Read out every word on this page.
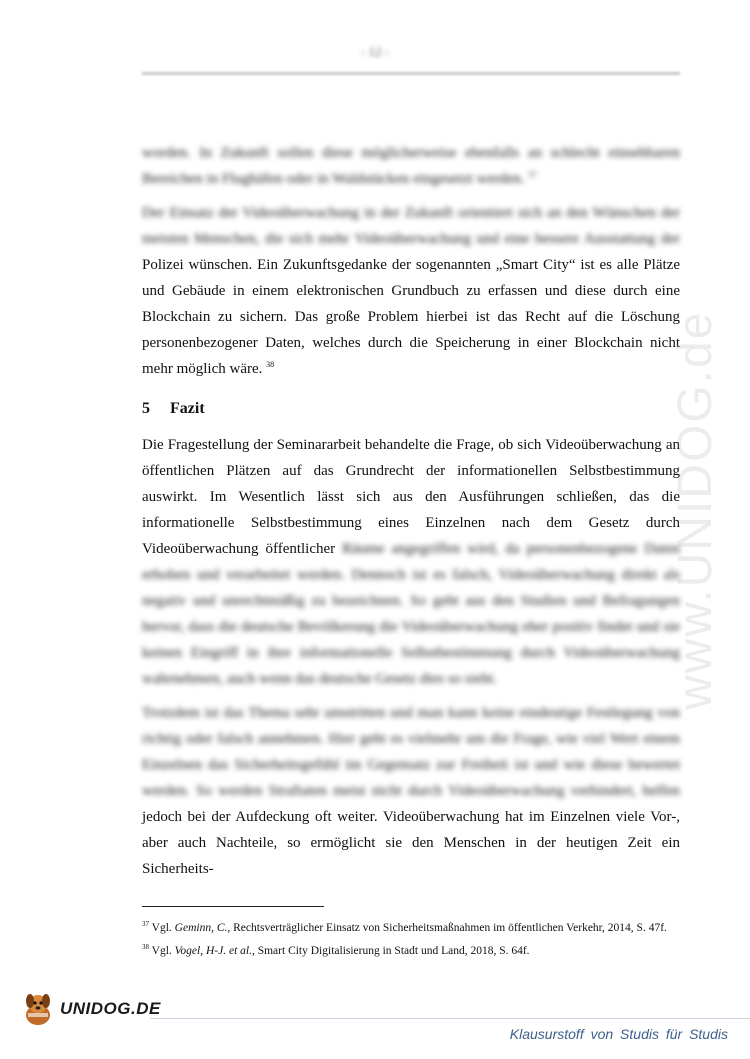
- 12 -

worden. In Zukunft sollen diese möglicherweise ebenfalls an schlecht einsehbaren Bereichen in Flughäfen oder in Waldstücken eingesetzt werden. $^{37}$

Der Einsatz der Videoüberwachung in der Zukunft orientiert sich an den Wünschen der meisten Menschen, die sich mehr Videoüberwachung und eine bessere Ausstattung der Polizei wünschen. Ein Zukunftsgedanke der sogenannten „Smart City“ ist es alle Plätze und Gebäude in einem elektronischen Grundbuch zu erfassen und diese durch eine Blockchain zu sichern. Das große Problem hierbei ist das Recht auf die Löschung personenbezogener Daten, welches durch die Speicherung in einer Blockchain nicht mehr möglich wäre. $^{38}$

5 Fazit

Die Fragestellung der Seminararbeit behandelte die Frage, ob sich Videoüberwachung an öffentlichen Plätzen auf das Grundrecht der informationellen Selbstbestimmung auswirkt. Im Wesentlich lässt sich aus den Ausführungen schließen, das die informationelle Selbstbestimmung eines Einzelnen nach dem Gesetz durch Videoüberwachung öffentlicher Räume angegriffen wird, da personenbezogene Daten erhoben und verarbeitet werden. Dennoch ist es falsch, Videoüberwachung direkt als negativ und unrechtmäßig zu bezeichnen. So geht aus den Studien und Befragungen hervor, dass die deutsche Bevölkerung die Videoüberwachung eher positiv findet und sie keinen Eingriff in ihre informationelle Selbstbestimmung durch Videoüberwachung wahrnehmen, auch wenn das deutsche Gesetz dies so sieht.

Trotzdem ist das Thema sehr umstritten und man kann keine eindeutige Festlegung von richtig oder falsch annehmen. Hier geht es vielmehr um die Frage, wie viel Wert einem Einzelnen das Sicherheitsgefühl im Gegensatz zur Freiheit ist und wie diese bewertet werden. So werden Straftaten meist nicht durch Videoüberwachung verhindert, helfen jedoch bei der Aufdeckung oft weiter. Videoüberwachung hat im Einzelnen viele Vor-, aber auch Nachteile, so ermöglicht sie den Menschen in der heutigen Zeit ein Sicherheits-

$^{37}$ Vgl. Geminn, C., Rechtsverträglicher Einsatz von Sicherheitsmaßnahmen im öffentlichen Verkehr, 2014, S. 47f.

$^{38}$ Vgl. Vogel, H-J. et al., Smart City Digitalisierung in Stadt und Land, 2018, S. 64f.

www.UNIDOG.de
UNIDOG.DE
Klausurstoff von Studis für Studis
